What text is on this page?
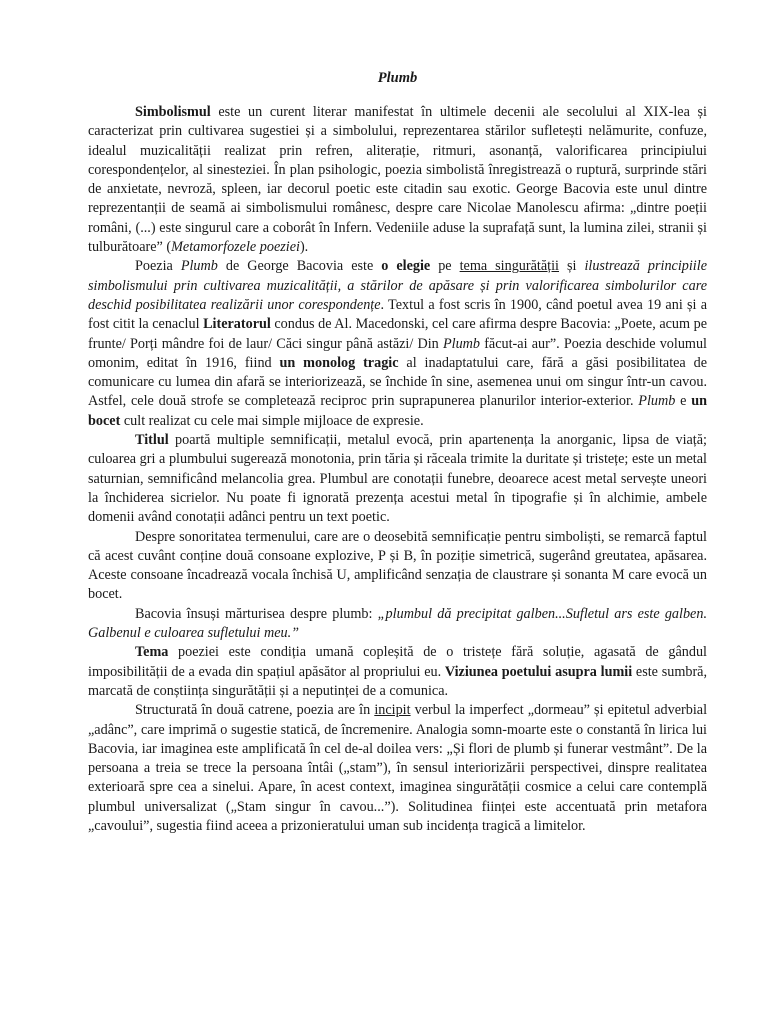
Plumb

Simbolismul este un curent literar manifestat în ultimele decenii ale secolului al XIX-lea și caracterizat prin cultivarea sugestiei și a simbolului, reprezentarea stărilor sufletești nelămurite, confuze, idealul muzicalității realizat prin refren, aliterație, ritmuri, asonanță, valorificarea principiului corespondențelor, al sinesteziei. În plan psihologic, poezia simbolistă înregistrează o ruptură, surprinde stări de anxietate, nevroză, spleen, iar decorul poetic este citadin sau exotic. George Bacovia este unul dintre reprezentanții de seamă ai simbolismului românesc, despre care Nicolae Manolescu afirma: „dintre poeții români, (...) este singurul care a coborât în Infern. Vedeniile aduse la suprafață sunt, la lumina zilei, stranii și tulburătoare” (Metamorfozele poeziei).

Poezia Plumb de George Bacovia este o elegie pe tema singurătății și ilustrează principiile simbolismului prin cultivarea muzicalității, a stărilor de apăsare și prin valorificarea simbolurilor care deschid posibilitatea realizării unor corespondențe. Textul a fost scris în 1900, când poetul avea 19 ani și a fost citit la cenaclul Literatorul condus de Al. Macedonski, cel care afirma despre Bacovia: „Poete, acum pe frunte/ Porți mândre foi de laur/ Căci singur până astăzi/ Din Plumb făcut-ai aur”. Poezia deschide volumul omonim, editat în 1916, fiind un monolog tragic al inadaptatului care, fără a găsi posibilitatea de comunicare cu lumea din afară se interiorizează, se închide în sine, asemenea unui om singur într-un cavou. Astfel, cele două strofe se completează reciproc prin suprapunerea planurilor interior-exterior. Plumb e un bocet cult realizat cu cele mai simple mijloace de expresie.

Titlul poartă multiple semnificații, metalul evocă, prin apartenența la anorganic, lipsa de viață; culoarea gri a plumbului sugerează monotonia, prin tăria și răceala trimite la duritate și tristețe; este un metal saturnian, semnificând melancolia grea. Plumbul are conotații funebre, deoarece acest metal servește uneori la închiderea sicrielor. Nu poate fi ignorată prezența acestui metal în tipografie și în alchimie, ambele domenii având conotații adânci pentru un text poetic.

Despre sonoritatea termenului, care are o deosebită semnificație pentru simboliști, se remarcă faptul că acest cuvânt conține două consoane explozive, P și B, în poziție simetrică, sugerând greutatea, apăsarea. Aceste consoane încadrează vocala închisă U, amplificând senzația de claustrare și sonanta M care evocă un bocet.

Bacovia însuși mărturisea despre plumb: „plumbul dă precipitat galben...Sufletul ars este galben. Galbenul e culoarea sufletului meu.”

Tema poeziei este condiția umană copleșită de o tristețe fără soluție, agasată de gândul imposibilității de a evada din spațiul apăsător al propriului eu. Viziunea poetului asupra lumii este sumbră, marcată de conștiința singurătății și a neputinței de a comunica.

Structurată în două catrene, poezia are în incipit verbul la imperfect „dormeau” și epitetul adverbial „adânc”, care imprimă o sugestie statică, de încremenire. Analogia somn-moarte este o constantă în lirica lui Bacovia, iar imaginea este amplificată în cel de-al doilea vers: „Și flori de plumb și funerar vestmânt”. De la persoana a treia se trece la persoana întâi („stam”), în sensul interiorizării perspectivei, dinspre realitatea exterioară spre cea a sinelui. Apare, în acest context, imaginea singurătății cosmice a celui care contemplă plumbul universalizat („Stam singur în cavou...”). Solitudinea ființei este accentuată prin metafora „cavoului”, sugestia fiind aceea a prizonieratului uman sub incidența tragică a limitelor.
